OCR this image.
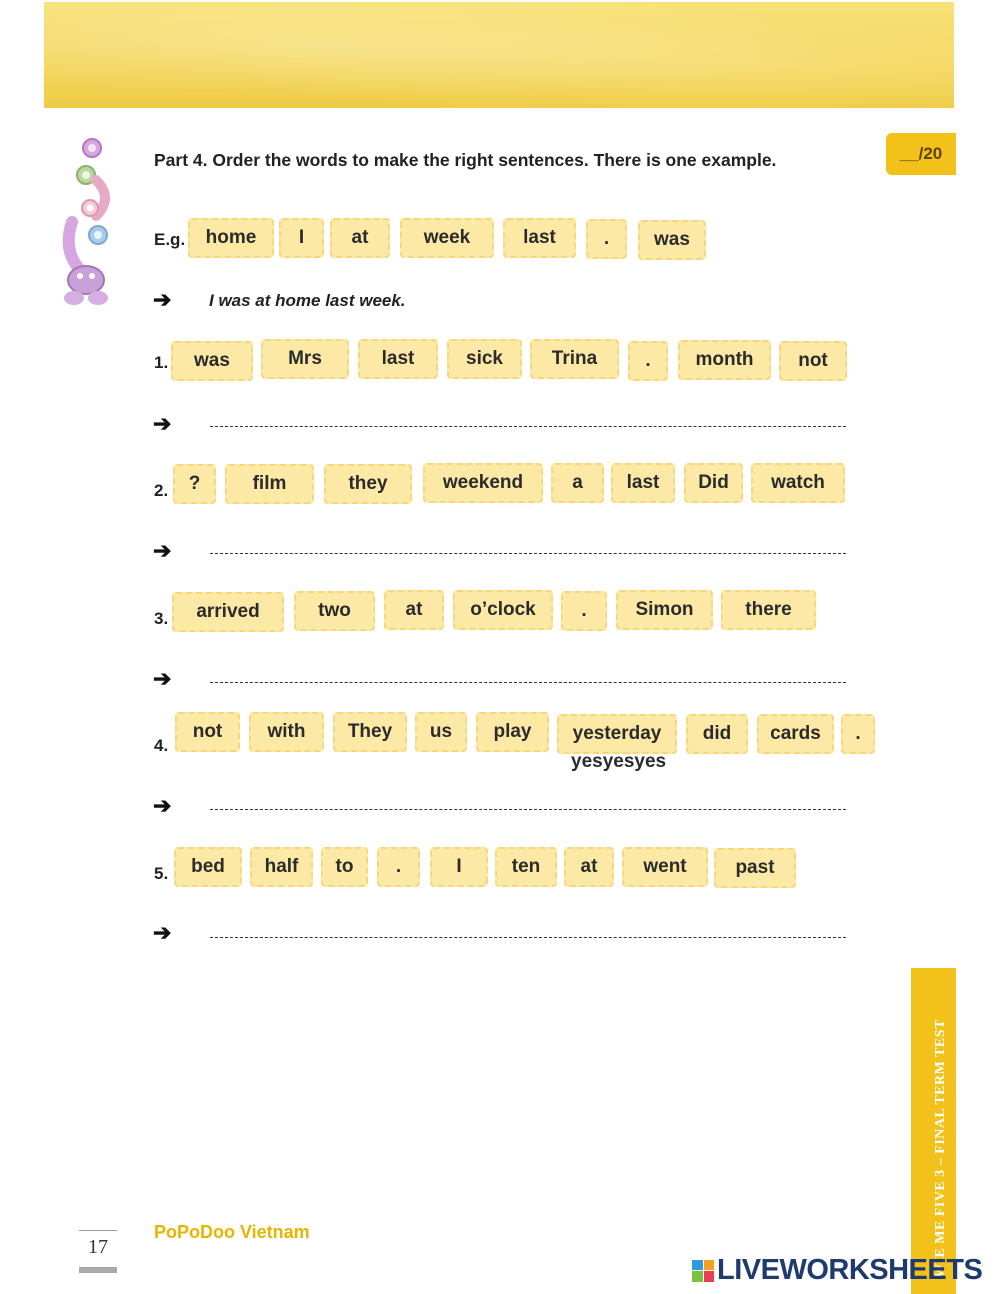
__/20
Part 4. Order the words to make the right sentences. There is one example.
E.g.	home	I	at	week	last	.	was
➔ I was at home last week.
1.	was	Mrs	last	sick	Trina	.	month	not
➔
2.	?	film	they	weekend	a	last	Did	watch
➔
3.	arrived	two	at	o’clock	.	Simon	there
➔
4.
not	with	They	us	play	yesterday	did	cards	.
yesyesyes
➔
5.	bed	half	to	.	I	ten	at	went	past
➔
WIE ME FIVE 3 – FINAL TERM TEST
17
PoPoDoo Vietnam
LIVEWORKSHEETS
